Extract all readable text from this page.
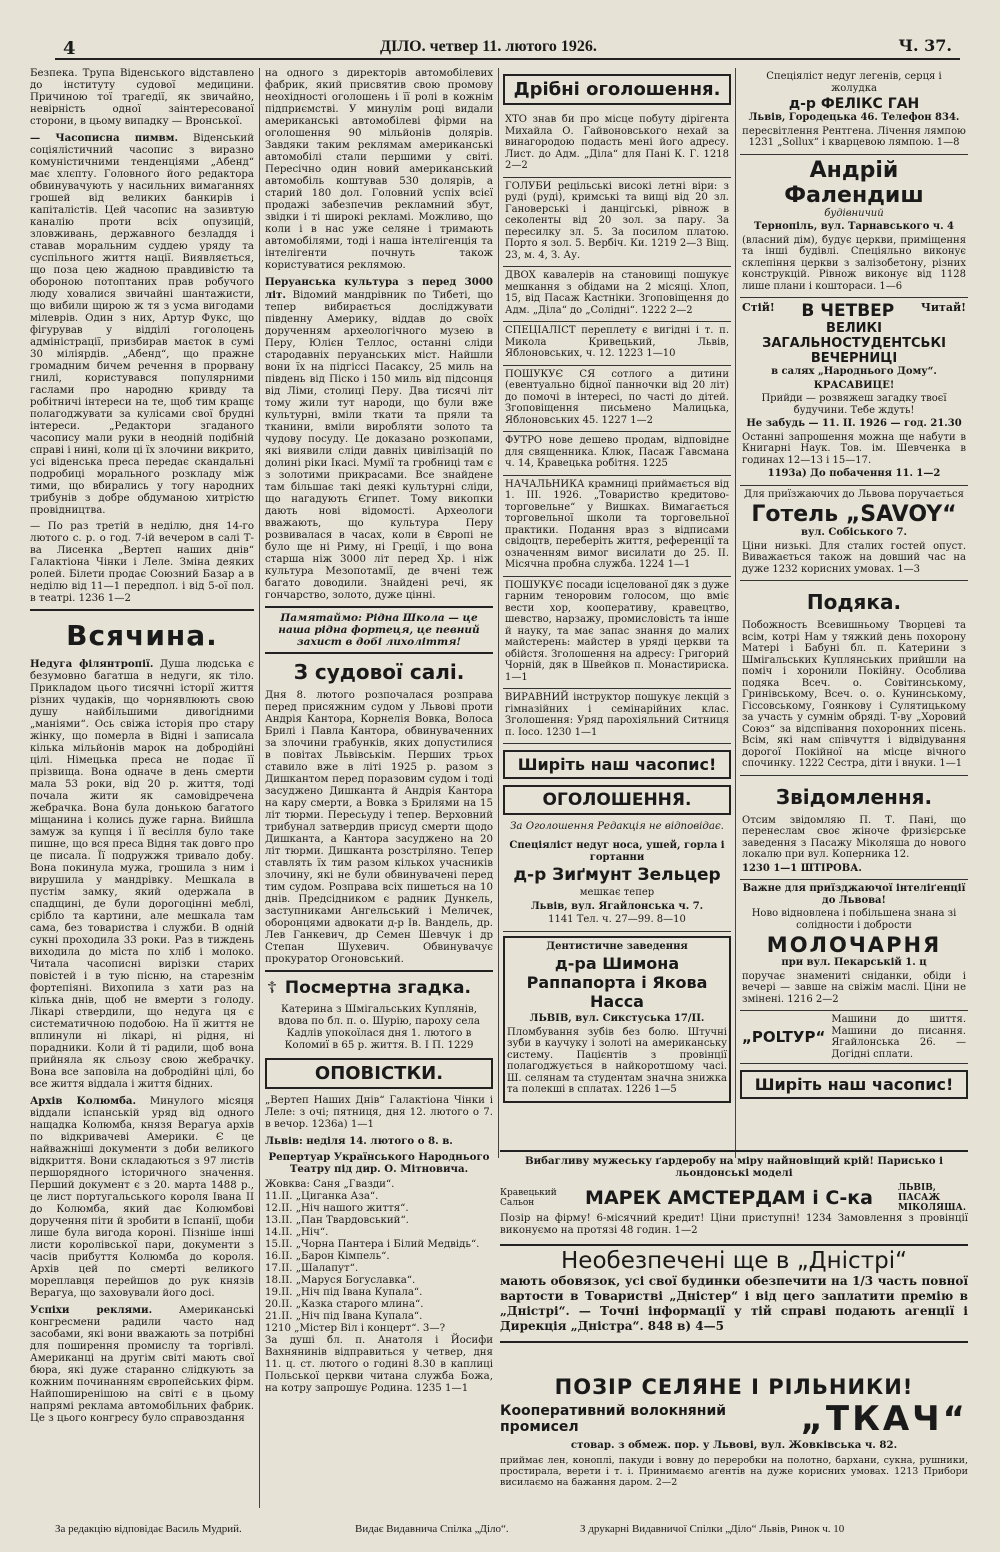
4	ДІЛО. четвер 11. лютого 1926.	Ч. 37.

Безпека. Трупа Віденського відставлено до інституту судової медицини. Причиною тої трагедії, як звичайно, невірність одної заінтересованої сторони, в цьому випадку — Вронської.

— Часописна пимвм. Віденський соціялістичний часопис з виразно комуністичними тенденціями „Абенд“ має хлєпту. Головного його редактора обвинувачують у насильних вимаганнях грошей від великих банкирів і капіталістів. Цей часопис на зазивтую каналію проти всіх опузицій, зловживань, державного безладдя і ставав моральним суддею уряду та суспільного життя нації. Виявляється, що поза цею жадною правдивістю та обороною потоптаних прав робучого люду ховалися звичайні шантажисти, що вибили щирою ж тя з усма вигодами мілеврів. Один з них, Артур Фукс, що фігурував у відділі гоголоцень адміністрації, призбирав маєток в сумі 30 міліярдів. „Абенд“, що пражне громадним бичем речення в прорвану гнилі, користувався популярними гаслами про народню кривду та робітничі інтереси на те, щоб тим кращє полагоджувати за кулісами свої брудні інтереси. „Редактори згаданого часопису мали руки в неодній подібній справі і нині, коли ці їх злочини викрито, усі віденська преса передає скандальні подробиці морального розкладу між тими, що вбирались у тогу народних трибунів з добре обдуманою хитрістю провідництва.

— По раз третій в неділю, дня 14-го лютого с. р. о год. 7-ій вечером в салі Т-ва Лисенка „Вертеп наших днів“ Галактіона Чінки і Леле. Зміна деяких ролей. Білети продає Союзний Базар а в неділю від 11—1 передпол. і від 5-ої пол. в театрі. 1236 1—2

Всячина.

Недуга філянтропії. Душа людська є безумовно багатша в недуги, як тіло. Прикладом цього тисячні історії життя різних чудаків, що чорнявлюють свою душу найбільшими дивогідними „маніями“. Ось свіжа історія про стару жінку, що померла в Відні і записала кілька мільйонів марок на добродійні цілі. Німецька преса не подає її прізвища. Вона одначе в день смерти мала 53 роки, від 20 р. життя, тоді почала жити як самовідречена жебрачка. Вона була донькою багатого міщанина і колись дуже гарна. Вийшла замуж за купця і її весілля було таке пишне, що вся преса Відня так довго про це писала. Її подружжя тривало добу. Вона покинула мужа, грошила з ним і вирушила у мандрівку. Мешкала в пустім замку, який одержала в спадщині, де були дорогоцінні меблі, срібло та картини, але мешкала там сама, без товариства і служби. В одній сукні проходила 33 роки. Раз в тиждень виходила до міста по хліб і молоко. Читала часописні вирізки старих повістей і в тую пісню, на старезнім фортепіяні. Вихопила з хати раз на кілька днів, щоб не вмерти з голоду. Лікарі ствердили, що недуга ця є систематичною подобою. На її життя не вплинули ні лікарі, ні рідня, ні порадники. Коли й ті радили, щоб вона прийняла як сльозу свою жебрачку. Вона все заповіла на добродійні цілі, бо все життя віддала і життя бідних.

Архів Колюмба. Минулого місяця віддали іспанській уряд від одного нащадка Колюмба, князя Верагуа архів по відкривачеві Америки. Є це найважніші документи з доби великого відкриття. Вони складаються з 97 листів першорядного історичного значення. Перший документ є з 20. марта 1488 р., це лист португальського короля Івана II до Колюмба, який дає Колюмбові доручення піти й зробити в Іспанії, щоби лише була вигода короні. Пізніше інші листи королівської пари, документи з часів прибуття Колюмба до короля. Архів цей по смерті великого мореплавця перейшов до рук князів Верагуа, що заховували його досі.

Успіхи реклями.	Американські конгресмени радили часто над засобами, які вони вважають за потрібні для поширення промислу та торгівлі. Американці на другім світі мають свої бюра, які дуже старанно слідкують за кожним починанням європейських фірм. Найпоширенішою на світі є в цьому напрямі реклама автомобільних фабрик. Це з цього конгресу було справоздання

на одного з директорів автомобілевих фабрик, який присвятив свою промову неохідності оголошень і її ролі в кожнім підприємстві. У минулім році видали американські автомобілеві фірми на оголошення 90 мільйонів долярів. Завдяки таким реклямам американські автомобілі стали першими у світі. Пересічно один новий американський автомобіль коштував 530 долярів, а старий 180 дол. Головний успіх всієї продажі забезпечив рекламний збут, звідки і ті широкі рекламі. Можливо, що коли і в нас уже селяне і тримають автомобілями, тоді і наша інтелігенція та інтелігенти почнуть також користуватися реклямою.

Перуанська культура з перед 3000 літ. Відомий мандрівник по Тибеті, що тепер вибирається досліджувати південну Америку, віддав до своїх дорученням археологічного музею в Перу, Юлієн Теллос, останні сліди стародавніх перуанських міст. Найшли вони їх на підгіссі Пасаксу, 25 миль на південь від Піско і 150 миль від підсонця від Ліми, столиці Перу. Два тисячі літ тому жили тут народи, що були вже культурні, вміли ткати та пряли та тканини, вміли виробляти золото та чудову посуду. Це доказано розкопами, які виявили сліди давніх цивілізацій по долині ріки Ікасі. Мумії та гробниці там є з золотими прикрасами. Все знайдене там більшає такі деякі культурні сліди, що нагадують Єгипет. Тому викопки дають нові відомості. Археологи вважають, що культура Перу розвивалася в часах, коли в Європі не було ще ні Риму, ні Греції, і що вона старша ніж 3000 літ перед Хр. і ніж культура Мезопотамії, де вчені теж багато доводили. Знайдені речі, як гончарство, золото, дуже цінні.

Памятаймо: Рідна Школа — це наша рідна фортеця, це певний захист в добі лихоліття!

З судової салі.

Дня 8. лютого розпочалася розправа перед присяжним судом у Львові проти Андрія Кантора, Корнелія Вовка, Волоса Брилі і Павла Кантора, обвинуваченних за злочини грабунків, яких допустилися в повітах Львівськім. Перших трьох ставило вже в літі 1925 р. разом з Дишкантом перед поразовим судом і тоді засуджено Дишканта й Андрія Кантора на кару смерти, а Вовка з Брилями на 15 літ тюрми. Пересьуду і тепер. Верховний трибунал затвердив присуд смерти щодо Дишканта, а Кантора засуджено на 20 літ тюрми. Дишканта розстріляно. Тепер ставлять їх тим разом кількох учасників злочину, які не були обвинувачені перед тим судом. Розправа всіх пишеться на 10 днів. Предсідником є радник Дункель, заступниками Ангельський і Меличек, оборонцями адвокати д-р Ів. Вандель, др. Лев Ганкевич, др Семен Шевчук і др Степан Шухевич. Обвинувачує прокуратор Огоновський.

☦ Посмертна згадка.

Катерина з Шмігальських Куплянів, вдова по бл. п. о. Шурію, пароху села Кадлів упокоїлася дня 1. лютого в Коломиї в 65 р. життя. В. І П. 1229

ОПОВІСТКИ.

„Вертеп Наших Днів“ Галактіона Чінки і Леле: з очі; пятниця, дня 12. лютого о 7. в вечор. 1236а) 1—1

Львів: неділя 14. лютого о 8. в.

Репертуар Українського Народнього Театру під дир. О. Мітновича.

Жовква: Саня „Гвазди“.

11.II. „Циганка Аза“.

12.II. „Ніч нашого життя“.

13.II. „Пан Твардовський“.

14.II. „Ніч“.

15.II. „Чорна Пантера і Білий Медвідь“.

16.II. „Барон Кімпель“.

17.II. „Шалапут“.

18.II. „Маруся Богуславка“.

19.II. „Ніч під Івана Купала“.

20.II. „Казка старого млина“.

21.II. „Ніч під Івана Купала“.

1210 „Містер Віл і концерт“. 3—?

За душі бл. п. Анатоля і Йосифи Вахнянинів відправиться у четвер, дня 11. ц. ст. лютого о годині 8.30 в каплиці Польської церкви читана служба Божа, на котру запрошує Родина. 1235 1—1

Дрібні оголошення.

ХТО знав би про місце побуту дірігента Михайла О. Гайвоновського нехай за винагородою подасть мені його адресу. Лист. до Адм. „Діла“ для Пані К. Г. 1218 2—2

ГОЛУБИ рецільські високі летні віри: з руді (руді), кримські та вищі від 20 зл. Гановерські і данцігські, рівнож в секоленты від 20 зол. за пару. За пересилку зл. 5. За посилом платою. Порто я зол. 5. Вербіч. Ки. 1219 2—3 Віщ. 23, м. 4, З. Ау.

ДВОХ кавалерів на становищі пошукує мешкання з обідами на 2 місяці. Хлоп, 15, від Пасаж Кастніки. Згоповіщення до Адм. „Діла“ до „Солідні“. 1222 2—2

СПЕЦІАЛІСТ переплету є вигідні і т. п. Микола Кривецький, Львів, Яблоновських, ч. 12. 1223 1—10

ПОШУКУЄ СЯ сотлого а дитини (евентуально бідної панночки від 20 літ) до помочі в інтересі, по часті до дітей. Згоповіщення письмено Малицька, Яблоновських 45. 1227 1—2

ФУТРО нове дешево продам, відповідне для священника. Клюк, Пасаж Гавсмана ч. 14, Кравецька робітня. 1225

НАЧАЛЬНИКА крамниці приймається від 1. III. 1926. „Товариство кредитово-торговельне“ у Вишках. Вимагається торговельної школи та торговельної практики. Подання враз з відписами свідоцтв, переберіть життя, референції та означенням вимог висилати до 25. II. Місячна пробна служба. 1224 1—1

ПОШУКУЄ посади ісцелованої дяк з дуже гарним теноровим голосом, що вміє вести хор, кооперативу, кравецтво, шевство, нарзажу, промисловість та інше й науку, та має запас знання до малих майстерень: майстер в уряді церкви та обійстя. Зголошення на адресу: Григорий Чорній, дяк в Швейков п. Монастириска. 1—1

ВИРАВНИЙ інструктор пошукує лекцій з гімназійних і семінарійних клас. Зголошення: Уряд парохіяльний Ситниця п. Іосо. 1230 1—1

Ширіть наш часопис!
ОГОЛОШЕННЯ.

За Оголошення Редакція не відповідає.

Спеціяліст недуг носа, ушей, горла і гортанни

д-р Зиґмунт Зельцер

мешкає тепер

Львів, вул. Ягайлонська ч. 7.

1141 Тел. ч. 27—99. 8—10

Дентистичне заведення

д-ра Шимона Раппапорта і Якова Насса

ЛЬВІВ, вул. Сикстуська 17/II.

Пломбування зубів без болю. Штучні зуби в каучуку і золоті на американську систему. Пацієнтів з провінції полагоджується в найкоротшому часі. Ш. селянам та студентам значна знижка та полекші в сплатах. 1226 1—5

Спеціяліст недуг легенів, серця і жолудка

д-р ФЕЛІКС ГАН

Львів, Городецька 46. Телефон 834.

пересвітлення Рентгена. Лічення лямпою 1231 „Sollux“ і кварцевою лямпою. 1—8

Андрій Фалендиш

будівничий

Тернопіль, вул. Тарнавського ч. 4

(власний дім), будує церкви, приміщення та інші будівлі. Спеціяльно виконує склепіння церкви з залізобетону, різних конструкцій. Рівнож виконує від 1128 лише плани і коштораси. 1—6

Стій! В ЧЕТВЕР Читай!
ВЕЛИКІ ЗАГАЛЬНОСТУДЕНТСЬКІ ВЕЧЕРНИЦІ

в салях „Народнього Дому“.

КРАСАВИЦЕ!

Прийди — розвяжеш загадку твоєї будучини. Тебе ждуть!

Не забудь — 11. II. 1926 — год. 21.30

Останні запрошення можна ще набути в Книгарні Наук. Тов. ім. Шевченка в годинах 12—13 і 15—17.

1193а) До побачення 11. 1—2

Для приїзжаючих до Львова поручається

Готель „SAVOY“

вул. Собіського 7.

Ціни низькі. Для сталих гостей опуст. Виважається також на довший час на дуже 1232 корисних умовах. 1—3

Подяка.

Побожность Всевишньому Творцеві та всім, котрі Нам у тяжкий день похорону Матері і Бабуні бл. п. Катерини з Шмігальських Куплянських прийшли на поміч і хоронили Покійну. Особлива подяка Всеч. о. Совітинському, Гринівському, Всеч. о. о. Кунинському, Гіссовському, Гоянкову і Сулятицькому за участь у сумнім обряді. Т-ву „Хоровий Союз“ за відспівання похоронних пісень. Всім, які нам співчуття і відвідування дорогої Покійної на місце вічного спочинку. 1222 Сестра, діти і внуки. 1—1

Звідомлення.

Отсим звідомляю П. Т. Пані, що перенеслам своє жіноче фризієрське заведення з Пасажу Міколяша до нового локалю при вул. Коперника 12.

1230 1—1 ШТІРОВА.

Важне для приїзджаючої інтеліґенції до Львова!

Ново відновлена і побільшена знана зі солідности і добрости

МОЛОЧАРНЯ

при вул. Пекарській 1. ц

поручає знамениті сніданки, обіди і вечері — завше на свіжім маслі. Ціни не змінені. 1216 2—2

„POLTУР“

Машини до шиття. Машини до писання. Ягайлонська 26. — Догідні сплати.

Ширіть наш часопис!

Вибагливу мужеську ґардеробу на міру найновіщий крій! Парисько і льондонські моделі

Кравецький Сальон	МАРЕК АМСТЕРДАМ і С-ка	ЛЬВІВ, ПАСАЖ МІКОЛЯША.

Позір на фірму! 6-місячний кредит! Ціни приступні! 1234 Замовлення з провінції виконуємо на протязі 48 годин. 1—2

Необезпечені ще в „Дністрі“

мають обовязок, усі свої будинки обезпечити на 1/3 часть повної вартости в Товаристві „Дністер“ і від цего заплатити премію в „Дністрі“. — Точні інформації у тій справі подають агенції і Дирекція „Дністра“. 848 в) 4—5

ПОЗІР СЕЛЯНЕ І РІЛЬНИКИ!
Кооперативний волокняний промисел	„ТКАЧ“

стовар. з обмеж. пор. у Львові, вул. Жовківська ч. 82.

приймає лен, коноплі, пакуди і вовну до переробки на полотно, бархани, сукна, рушники, простирала, верети і т. і. Принимаємо агентів на дуже корисних умовах. 1213 Прибори висилаємо на бажання даром. 2—2

За редакцію відповідає Василь Мудрий.	Видає Видавнича Спілка „Діло“.	З друкарні Видавничої Спілки „Діло“ Львів, Ринок ч. 10
